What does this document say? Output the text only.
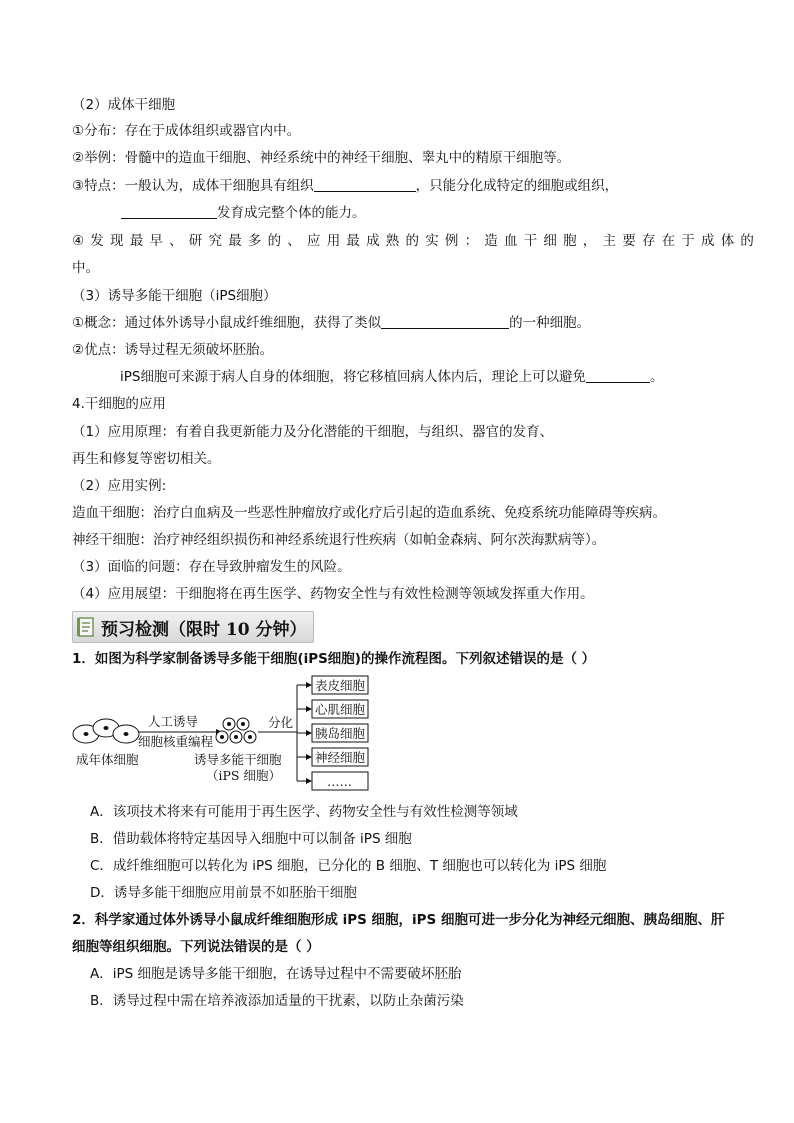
（2）成体干细胞
①分布：存在于成体组织或器官内中。
②举例：骨髓中的造血干细胞、神经系统中的神经干细胞、睾丸中的精原干细胞等。
③特点：一般认为，成体干细胞具有组织	，只能分化成特定的细胞或组织，
发育成完整个体的能力。
④发现最早、研究最多的、应用最成熟的实例：造血干细胞，主要存在于成体的
中。
（3）诱导多能干细胞（iPS细胞）
①概念：通过体外诱导小鼠成纤维细胞，获得了类似	的一种细胞。
②优点：诱导过程无须破坏胚胎。
iPS细胞可来源于病人自身的体细胞，将它移植回病人体内后，理论上可以避免	。
4.干细胞的应用
（1）应用原理：有着自我更新能力及分化潜能的干细胞，与组织、器官的发育、
再生和修复等密切相关。
（2）应用实例:
造血干细胞：治疗白血病及一些恶性肿瘤放疗或化疗后引起的造血系统、免疫系统功能障碍等疾病。
神经干细胞：治疗神经组织损伤和神经系统退行性疾病（如帕金森病、阿尔茨海默病等）。
（3）面临的问题：存在导致肿瘤发生的风险。
（4）应用展望：干细胞将在再生医学、药物安全性与有效性检测等领域发挥重大作用。
预习检测（限时 10 分钟）
1．如图为科学家制备诱导多能干细胞(iPS细胞)的操作流程图。下列叙述错误的是（ ）
成年体细胞
人工诱导
细胞核重编程
诱导多能干细胞
（iPS 细胞）
分化
表皮细胞
心肌细胞
胰岛细胞
神经细胞
……
A．该项技术将来有可能用于再生医学、药物安全性与有效性检测等领域
B．借助载体将特定基因导入细胞中可以制备 iPS 细胞
C．成纤维细胞可以转化为 iPS 细胞，已分化的 B 细胞、T 细胞也可以转化为 iPS 细胞
D．诱导多能干细胞应用前景不如胚胎干细胞
2．科学家通过体外诱导小鼠成纤维细胞形成 iPS 细胞，iPS 细胞可进一步分化为神经元细胞、胰岛细胞、肝
细胞等组织细胞。下列说法错误的是（ ）
A．iPS 细胞是诱导多能干细胞，在诱导过程中不需要破坏胚胎
B．诱导过程中需在培养液添加适量的干扰素，以防止杂菌污染
